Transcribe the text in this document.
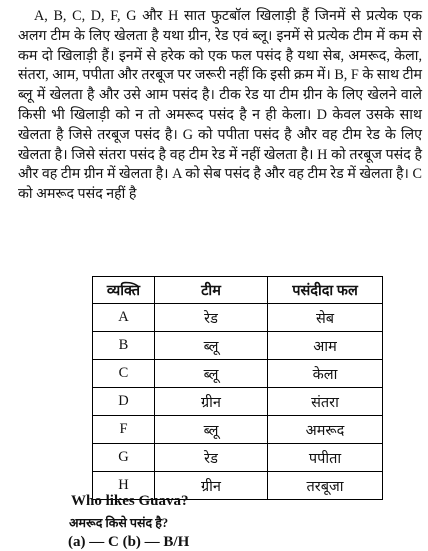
A, B, C, D, F, G और H सात फुटबॉल खिलाड़ी हैं जिनमें से प्रत्येक एक अलग टीम के लिए खेलता है यथा ग्रीन, रेड एवं ब्लू। इनमें से प्रत्येक टीम में कम से कम दो खिलाड़ी हैं। इनमें से हरेक को एक फल पसंद है यथा सेब, अमरूद, केला, संतरा, आम, पपीता और तरबूज पर जरूरी नहीं कि इसी क्रम में। B, F के साथ टीम ब्लू में खेलता है और उसे आम पसंद है। टीक रेड या टीम ग्रीन के लिए खेलने वाले किसी भी खिलाड़ी को न तो अमरूद पसंद है न ही केला। D केवल उसके साथ खेलता है जिसे तरबूज पसंद है। G को पपीता पसंद है और वह टीम रेड के लिए खेलता है। जिसे संतरा पसंद है वह टीम रेड में नहीं खेलता है। H को तरबूज पसंद है और वह टीम ग्रीन में खेलता है। A को सेब पसंद है और वह टीम रेड में खेलता है। C को अमरूद पसंद नहीं है

व्यक्ति	टीम	पसंदीदा फल
A	रेड	सेब
B	ब्लू	आम
C	ब्लू	केला
D	ग्रीन	संतरा
F	ब्लू	अमरूद
G	रेड	पपीता
H	ग्रीन	तरबूजा

Who likes Guava?

अमरूद किसे पसंद है?

(a) — C (b) — B/H
